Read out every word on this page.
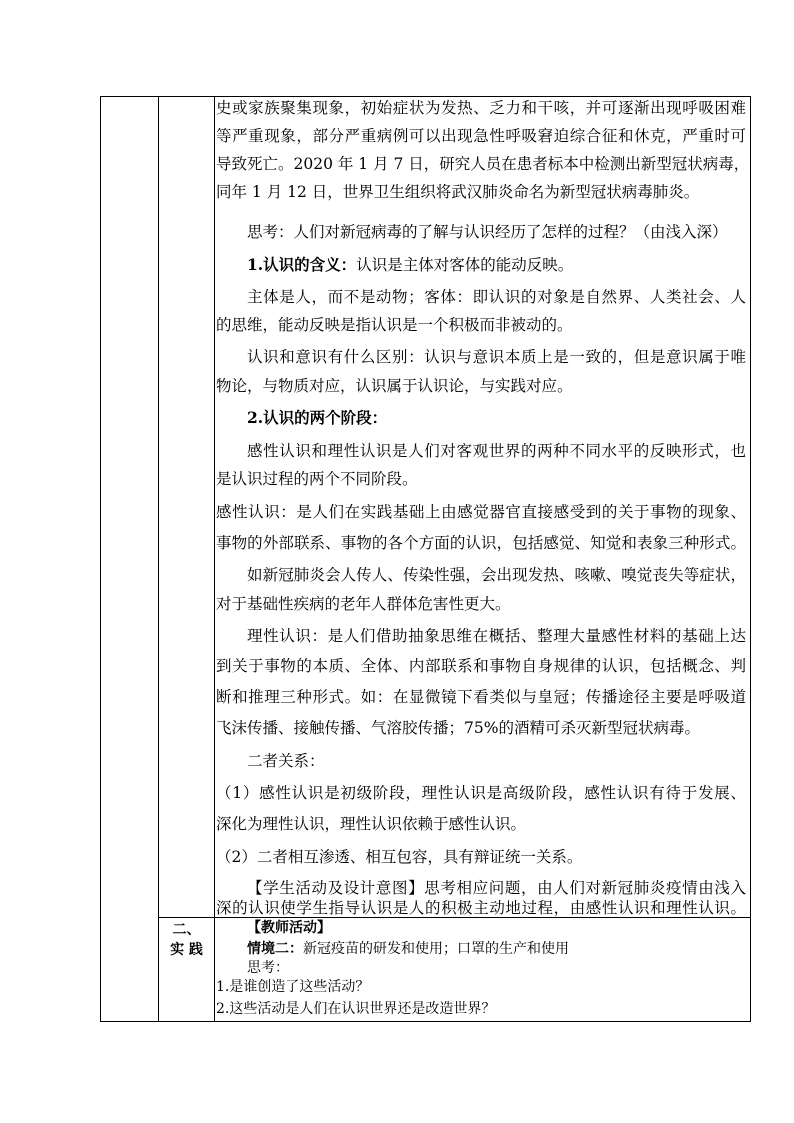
史或家族聚集现象，初始症状为发热、乏力和干咳，并可逐渐出现呼吸困难
等严重现象，部分严重病例可以出现急性呼吸窘迫综合征和休克，严重时可
导致死亡。2020 年 1 月 7 日，研究人员在患者标本中检测出新型冠状病毒，
同年 1 月 12 日，世界卫生组织将武汉肺炎命名为新型冠状病毒肺炎。
思考：人们对新冠病毒的了解与认识经历了怎样的过程？（由浅入深）
1.认识的含义：认识是主体对客体的能动反映。
主体是人，而不是动物；客体：即认识的对象是自然界、人类社会、人
的思维，能动反映是指认识是一个积极而非被动的。
认识和意识有什么区别：认识与意识本质上是一致的，但是意识属于唯
物论，与物质对应，认识属于认识论，与实践对应。
2.认识的两个阶段：
感性认识和理性认识是人们对客观世界的两种不同水平的反映形式，也
是认识过程的两个不同阶段。
感性认识：是人们在实践基础上由感觉器官直接感受到的关于事物的现象、
事物的外部联系、事物的各个方面的认识，包括感觉、知觉和表象三种形式。
如新冠肺炎会人传人、传染性强，会出现发热、咳嗽、嗅觉丧失等症状，
对于基础性疾病的老年人群体危害性更大。
理性认识：是人们借助抽象思维在概括、整理大量感性材料的基础上达
到关于事物的本质、全体、内部联系和事物自身规律的认识，包括概念、判
断和推理三种形式。如：在显微镜下看类似与皇冠；传播途径主要是呼吸道
飞沫传播、接触传播、气溶胶传播；75%的酒精可杀灭新型冠状病毒。
二者关系：
（1）感性认识是初级阶段，理性认识是高级阶段，感性认识有待于发展、
深化为理性认识，理性认识依赖于感性认识。
（2）二者相互渗透、相互包容，具有辩证统一关系。
【学生活动及设计意图】思考相应问题，由人们对新冠肺炎疫情由浅入
深的认识使学生指导认识是人的积极主动地过程，由感性认识和理性认识。
二、
实 践
【教师活动】
情境二：新冠疫苗的研发和使用；口罩的生产和使用
思考：
1.是谁创造了这些活动？
2.这些活动是人们在认识世界还是改造世界？
